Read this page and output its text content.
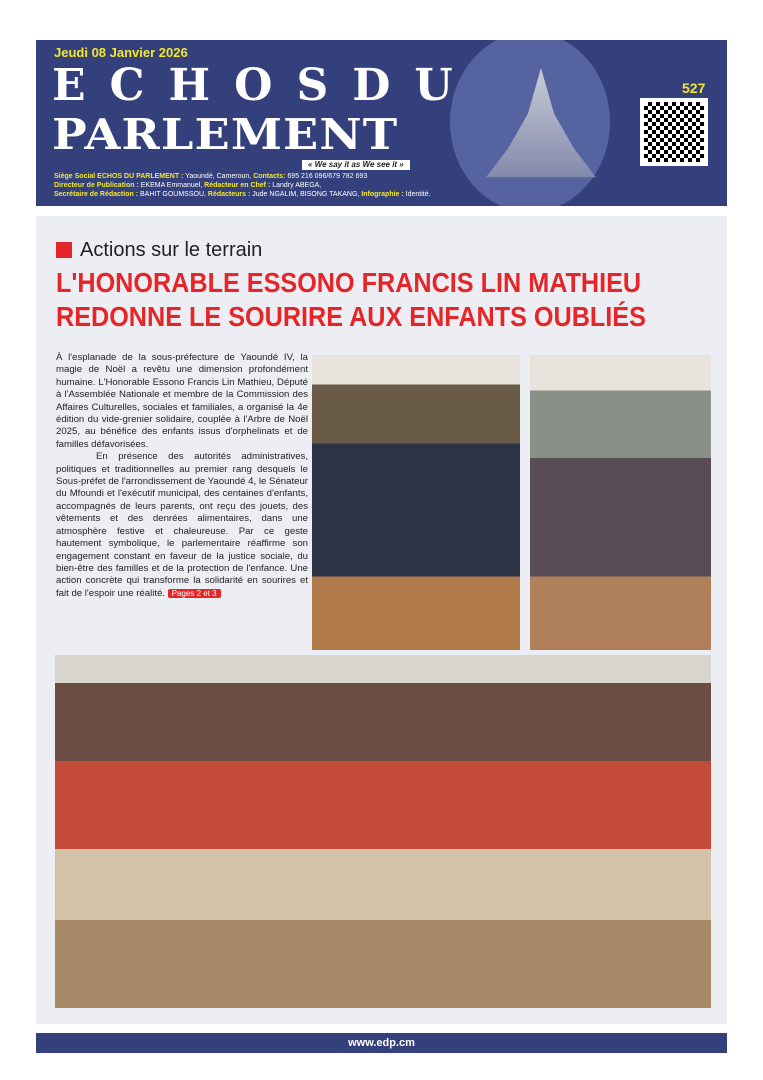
Jeudi 08 Janvier 2026
ECHOSDU
PARLEMENT
« We say it as We see it »
Siège Social ECHOS DU PARLEMENT : Yaoundé, Cameroun, Contacts: 695 216 096/679 782 693
Directeur de Publication : EKEMA Emmanuel, Rédacteur en Chef : Landry ABEGA,
Secrétaire de Rédaction : BAHIT GOUMSSOU, Rédacteurs : Jude NGALIM, BISONG TAKANG, Infographie : Identité.
527
Actions sur le terrain
L'HONORABLE ESSONO FRANCIS LIN MATHIEU
REDONNE LE SOURIRE AUX ENFANTS OUBLIÉS

À l'esplanade de la sous-préfecture de Yaoundé IV, la magie de Noël a revêtu une dimension profondément humaine. L'Honorable Essono Francis Lin Mathieu, Député à l'Assemblée Nationale et membre de la Commission des Affaires Culturelles, sociales et familiales, a organisé la 4e édition du vide-grenier solidaire, couplée à l'Arbre de Noël 2025, au bénéfice des enfants issus d'orphelinats et de familles défavorisées.

En présence des autorités administratives, politiques et traditionnelles au premier rang desquels le Sous-préfet de l'arrondissement de Yaoundé 4, le Sénateur du Mfoundi et l'exécutif municipal, des centaines d'enfants, accompagnés de leurs parents, ont reçu des jouets, des vêtements et des denrées alimentaires, dans une atmosphère festive et chaleureuse. Par ce geste hautement symbolique, le parlementaire réaffirme son engagement constant en faveur de la justice sociale, du bien-être des familles et de la protection de l'enfance. Une action concrète qui transforme la solidarité en sourires et fait de l'espoir une réalité. Pages 2 et 3

www.edp.cm
